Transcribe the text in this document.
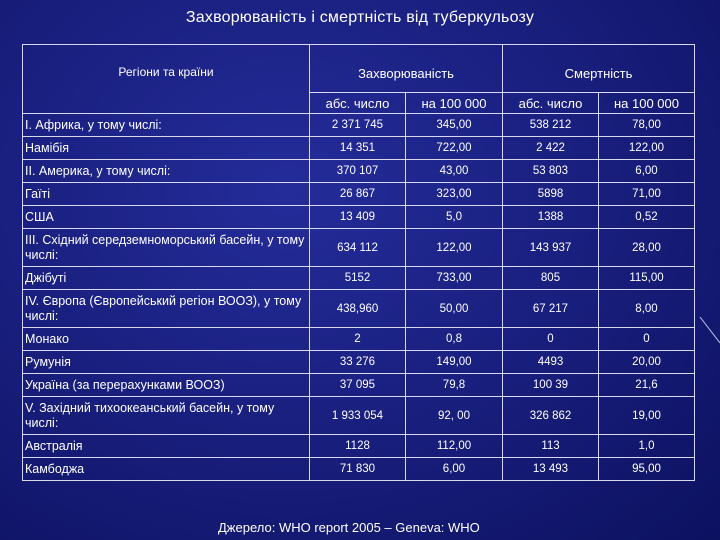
Захворюваність і смертність від туберкульозу
Регіони та країни	Захворюваність		Смертність	
	абс. число	на 100 000	абс. число	на 100 000
І. Африка, у тому числі:	2 371 745	345,00	538 212	78,00
Намібія	14 351	722,00	2 422	122,00
ІІ. Америка, у тому числі:	370 107	43,00	53 803	6,00
Гаїті	26 867	323,00	5898	71,00
США	13 409	5,0	1388	0,52
ІІІ. Східний середземноморський басейн, у тому числі:	634 112	122,00	143 937	28,00
Джібуті	5152	733,00	805	115,00
IV. Європа (Європейський регіон ВООЗ), у тому числі:	438,960	50,00	67 217	8,00
Монако	2	0,8	0	0
Румунія	33 276	149,00	4493	20,00
Україна (за перерахунками ВООЗ)	37 095	79,8	100 39	21,6
V. Західний тихоокеанський басейн, у тому числі:	1 933 054	92, 00	326 862	19,00
Австралія	1128	112,00	113	1,0
Камбоджа	71 830	6,00	13 493	95,00
Джерело: WHO report 2005 – Geneva: WHO
